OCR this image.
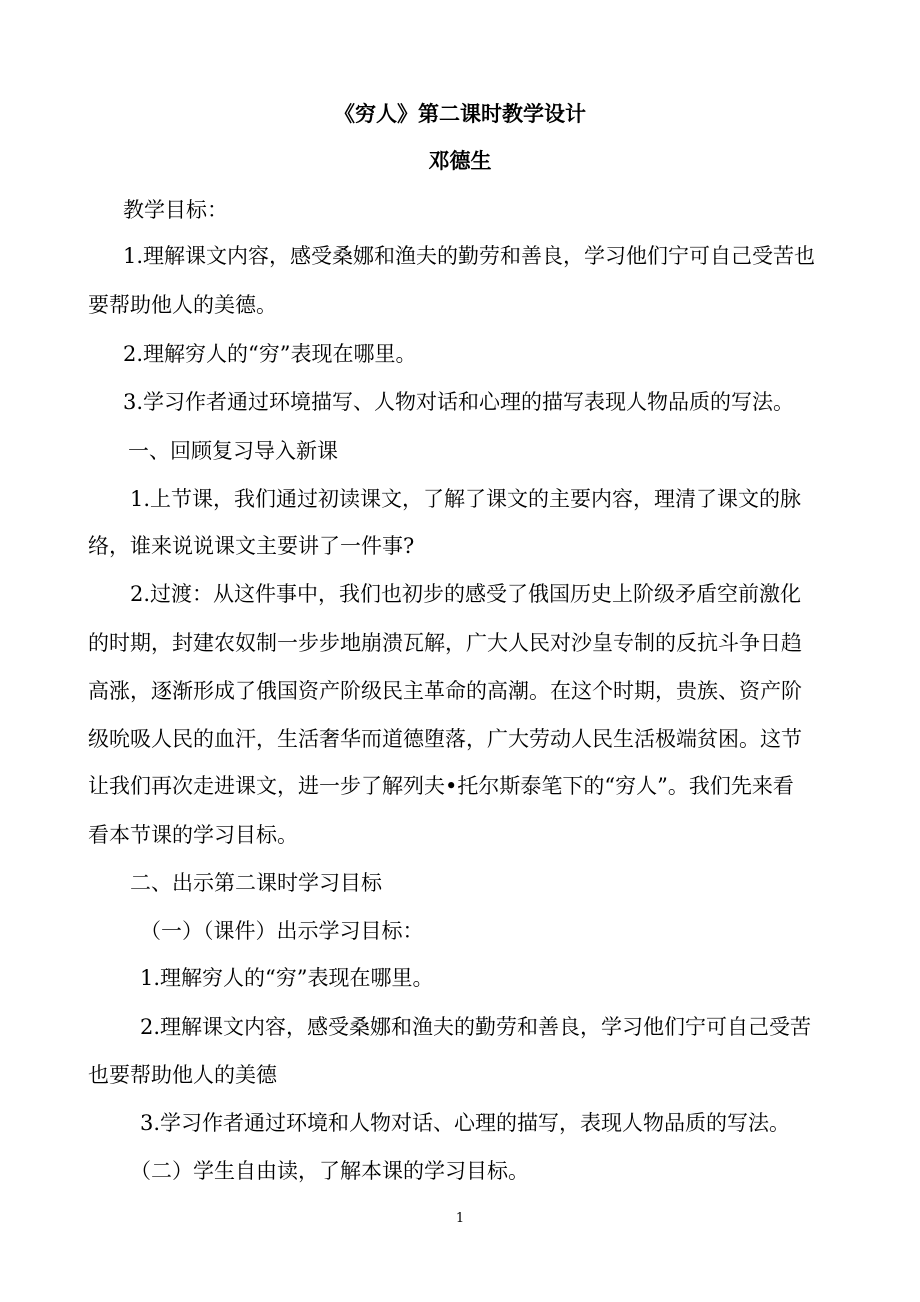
《穷人》第二课时教学设计
邓德生
教学目标：
1.理解课文内容，感受桑娜和渔夫的勤劳和善良，学习他们宁可自己受苦也
要帮助他人的美德。
2.理解穷人的“穷”表现在哪里。
3.学习作者通过环境描写、人物对话和心理的描写表现人物品质的写法。
一、回顾复习导入新课
1.上节课，我们通过初读课文，了解了课文的主要内容，理清了课文的脉
络，谁来说说课文主要讲了一件事?
2.过渡：从这件事中，我们也初步的感受了俄国历史上阶级矛盾空前激化
的时期，封建农奴制一步步地崩溃瓦解，广大人民对沙皇专制的反抗斗争日趋
高涨，逐渐形成了俄国资产阶级民主革命的高潮。在这个时期，贵族、资产阶
级吮吸人民的血汗，生活奢华而道德堕落，广大劳动人民生活极端贫困。这节
让我们再次走进课文，进一步了解列夫•托尔斯泰笔下的“穷人”。我们先来看
看本节课的学习目标。
二、出示第二课时学习目标
（一）（课件）出示学习目标：
1.理解穷人的“穷”表现在哪里。
2.理解课文内容，感受桑娜和渔夫的勤劳和善良，学习他们宁可自己受苦
也要帮助他人的美德
3.学习作者通过环境和人物对话、心理的描写，表现人物品质的写法。
（二）学生自由读，了解本课的学习目标。
1
